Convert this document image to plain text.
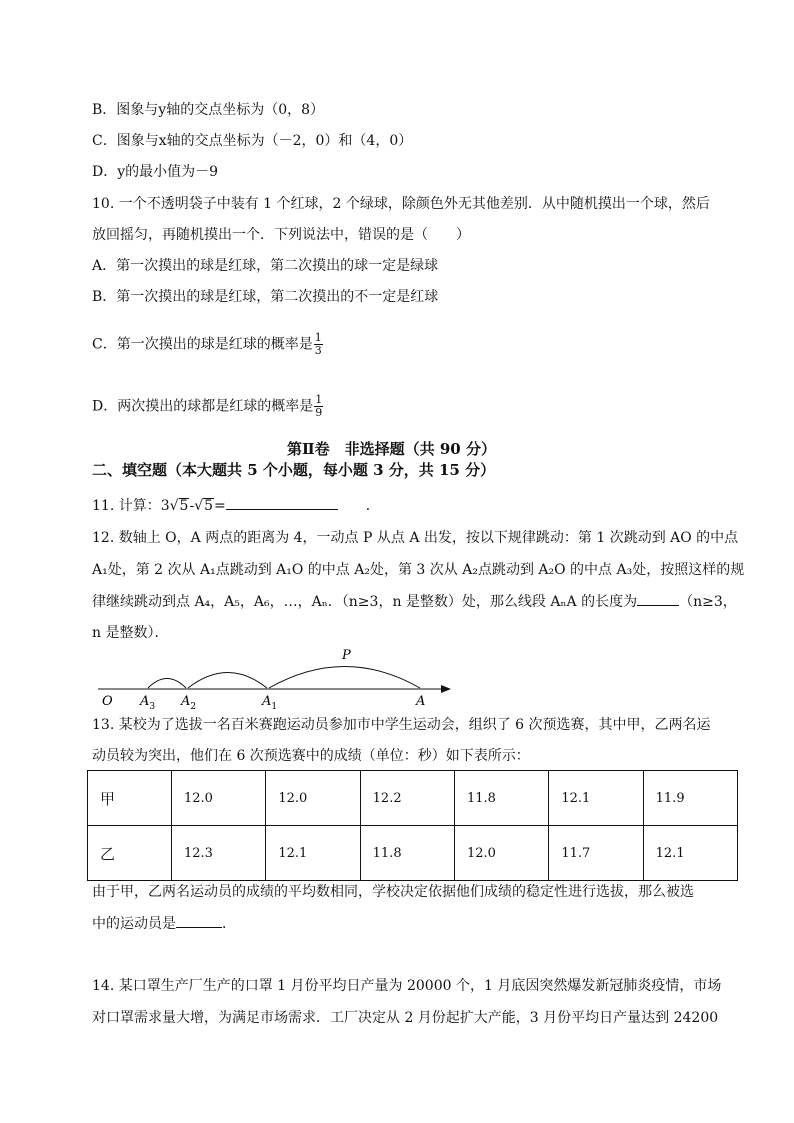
B．图象与y轴的交点坐标为（0，8）
C．图象与x轴的交点坐标为（－2，0）和（4，0）
D．y的最小值为－9
10. 一个不透明袋子中装有 1 个红球，2 个绿球，除颜色外无其他差别．从中随机摸出一个球，然后
放回摇匀，再随机摸出一个．下列说法中，错误的是（　　）
A．第一次摸出的球是红球，第二次摸出的球一定是绿球
B．第一次摸出的球是红球，第二次摸出的不一定是红球
C．第一次摸出的球是红球的概率是 $\frac{1}{3}$
D．两次摸出的球都是红球的概率是 $\frac{1}{9}$
第Ⅱ卷　非选择题（共 90 分）
二、填空题（本大题共 5 个小题，每小题 3 分，共 15 分）
11. 计算：3√5-√5=	．
12. 数轴上 O，A 两点的距离为 4，一动点 P 从点 A 出发，按以下规律跳动：第 1 次跳动到 AO 的中点
A₁处，第 2 次从 A₁点跳动到 A₁O 的中点 A₂处，第 3 次从 A₂点跳动到 A₂O 的中点 A₃处，按照这样的规
律继续跳动到点 A₄，A₅，A₆，…，Aₙ．（n≥3，n 是整数）处，那么线段 AₙA 的长度为	（n≥3，
n 是整数）．
P
O $A_3$ $A_2$	$A_1$	A
13. 某校为了选拔一名百米赛跑运动员参加市中学生运动会，组织了 6 次预选赛，其中甲，乙两名运
动员较为突出，他们在 6 次预选赛中的成绩（单位：秒）如下表所示：
甲	12.0	12.0	12.2	11.8	12.1	11.9
乙	12.3	12.1	11.8	12.0	11.7	12.1
由于甲，乙两名运动员的成绩的平均数相同，学校决定依据他们成绩的稳定性进行选拔，那么被选
中的运动员是	．
14. 某口罩生产厂生产的口罩 1 月份平均日产量为 20000 个，1 月底因突然爆发新冠肺炎疫情，市场
对口罩需求量大增，为满足市场需求．工厂决定从 2 月份起扩大产能，3 月份平均日产量达到 24200
